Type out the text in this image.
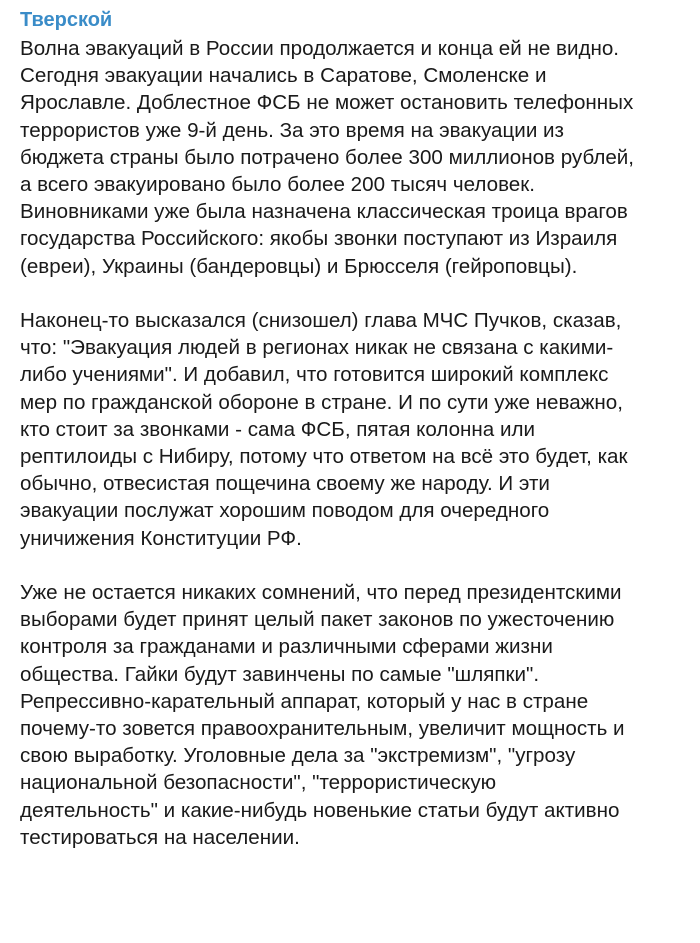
Тверской

Волна эвакуаций в России продолжается и конца ей не видно.
Сегодня эвакуации начались в Саратове, Смоленске и
Ярославле. Доблестное ФСБ не может остановить телефонных
террористов уже 9-й день. За это время на эвакуации из
бюджета страны было потрачено более 300 миллионов рублей,
а всего эвакуировано было более 200 тысяч человек.
Виновниками уже была назначена классическая троица врагов
государства Российского: якобы звонки поступают из Израиля
(евреи), Украины (бандеровцы) и Брюсселя (гейроповцы).

Наконец-то высказался (снизошел) глава МЧС Пучков, сказав,
что: "Эвакуация людей в регионах никак не связана с какими-
либо учениями". И добавил, что готовится широкий комплекс
мер по гражданской обороне в стране. И по сути уже неважно,
кто стоит за звонками - сама ФСБ, пятая колонна или
рептилоиды с Нибиру, потому что ответом на всё это будет, как
обычно, отвесистая пощечина своему же народу. И эти
эвакуации послужат хорошим поводом для очередного
уничижения Конституции РФ.

Уже не остается никаких сомнений, что перед президентскими
выборами будет принят целый пакет законов по ужесточению
контроля за гражданами и различными сферами жизни
общества. Гайки будут завинчены по самые "шляпки".
Репрессивно-карательный аппарат, который у нас в стране
почему-то зовется правоохранительным, увеличит мощность и
свою выработку. Уголовные дела за "экстремизм", "угрозу
национальной безопасности", "террористическую
деятельность" и какие-нибудь новенькие статьи будут активно
тестироваться на населении.
